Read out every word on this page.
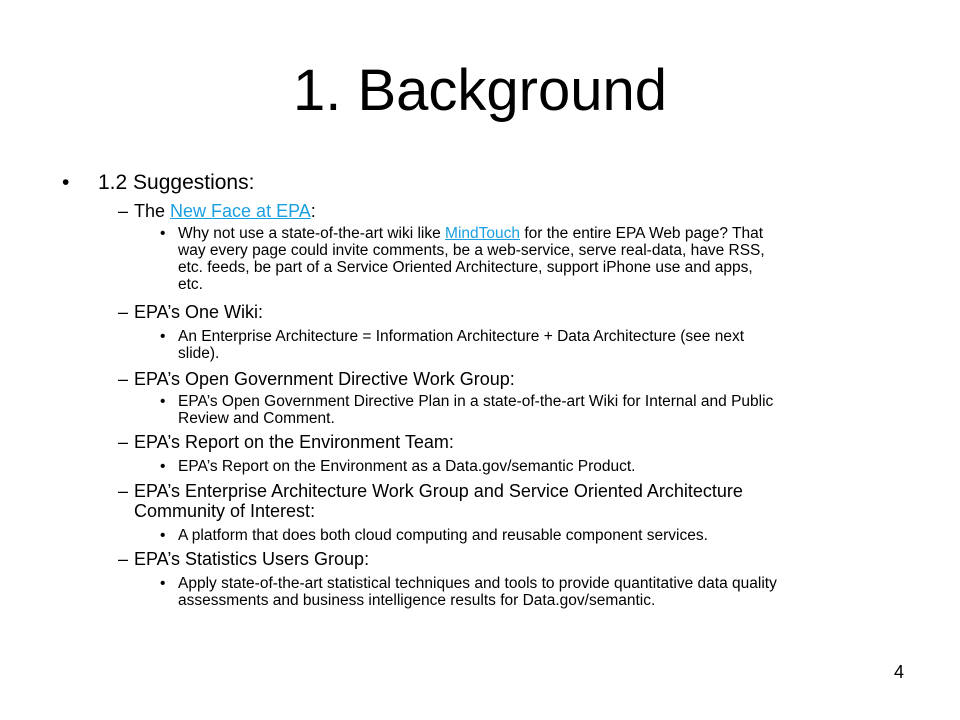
1. Background
• 1.2 Suggestions:
– The New Face at EPA:
• Why not use a state-of-the-art wiki like MindTouch for the entire EPA Web page? That
way every page could invite comments, be a web-service, serve real-data, have RSS,
etc. feeds, be part of a Service Oriented Architecture, support iPhone use and apps,
etc.
– EPA’s One Wiki:
• An Enterprise Architecture = Information Architecture + Data Architecture (see next
slide).
– EPA’s Open Government Directive Work Group:
• EPA’s Open Government Directive Plan in a state-of-the-art Wiki for Internal and Public
Review and Comment.
– EPA’s Report on the Environment Team:
• EPA’s Report on the Environment as a Data.gov/semantic Product.
– EPA’s Enterprise Architecture Work Group and Service Oriented Architecture
Community of Interest:
• A platform that does both cloud computing and reusable component services.
– EPA’s Statistics Users Group:
• Apply state-of-the-art statistical techniques and tools to provide quantitative data quality
assessments and business intelligence results for Data.gov/semantic.
4
